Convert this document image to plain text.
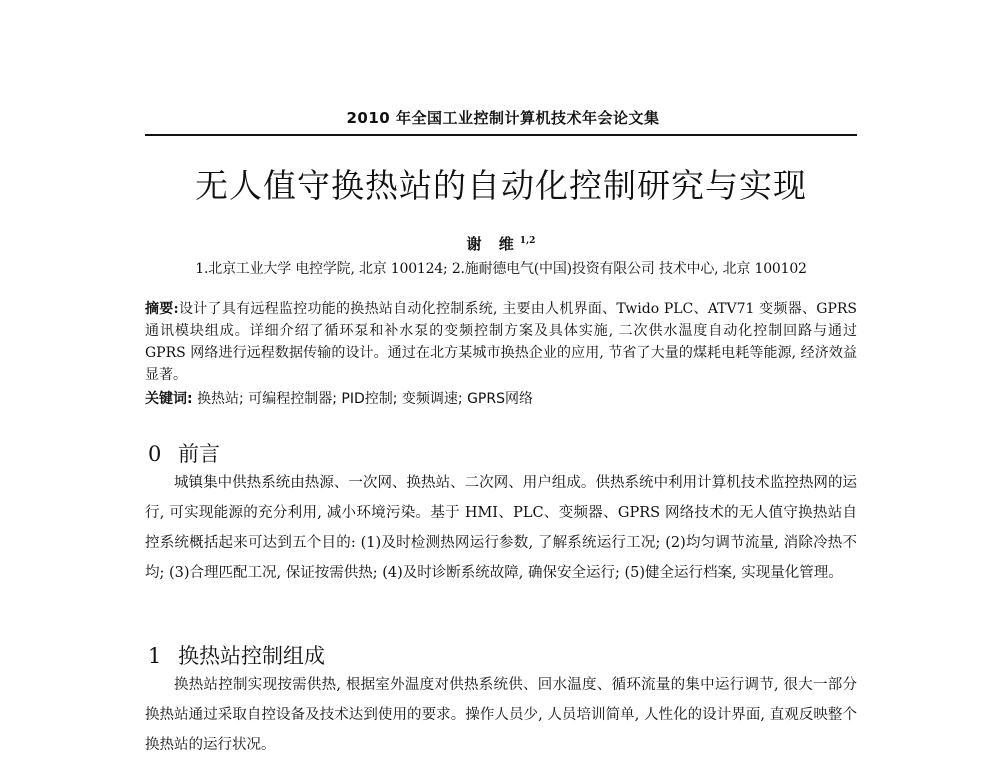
2010 年全国工业控制计算机技术年会论文集
无人值守换热站的自动化控制研究与实现
谢 维$^{1,2}$
1.北京工业大学 电控学院, 北京 100124; 2.施耐德电气(中国)投资有限公司 技术中心, 北京 100102
摘要:设计了具有远程监控功能的换热站自动化控制系统, 主要由人机界面、Twido PLC、ATV71 变频器、GPRS 通讯模块组成。详细介绍了循环泵和补水泵的变频控制方案及具体实施, 二次供水温度自动化控制回路与通过 GPRS 网络进行远程数据传输的设计。通过在北方某城市换热企业的应用, 节省了大量的煤耗电耗等能源, 经济效益显著。
关键词: 换热站; 可编程控制器; PID控制; 变频调速; GPRS网络
0 前言
城镇集中供热系统由热源、一次网、换热站、二次网、用户组成。供热系统中利用计算机技术监控热网的运行, 可实现能源的充分利用, 减小环境污染。基于 HMI、PLC、变频器、GPRS 网络技术的无人值守换热站自控系统概括起来可达到五个目的: (1)及时检测热网运行参数, 了解系统运行工况; (2)均匀调节流量, 消除冷热不均; (3)合理匹配工况, 保证按需供热; (4)及时诊断系统故障, 确保安全运行; (5)健全运行档案, 实现量化管理。
1 换热站控制组成
换热站控制实现按需供热, 根据室外温度对供热系统供、回水温度、循环流量的集中运行调节, 很大一部分换热站通过采取自控设备及技术达到使用的要求。操作人员少, 人员培训简单, 人性化的设计界面, 直观反映整个换热站的运行状况。
